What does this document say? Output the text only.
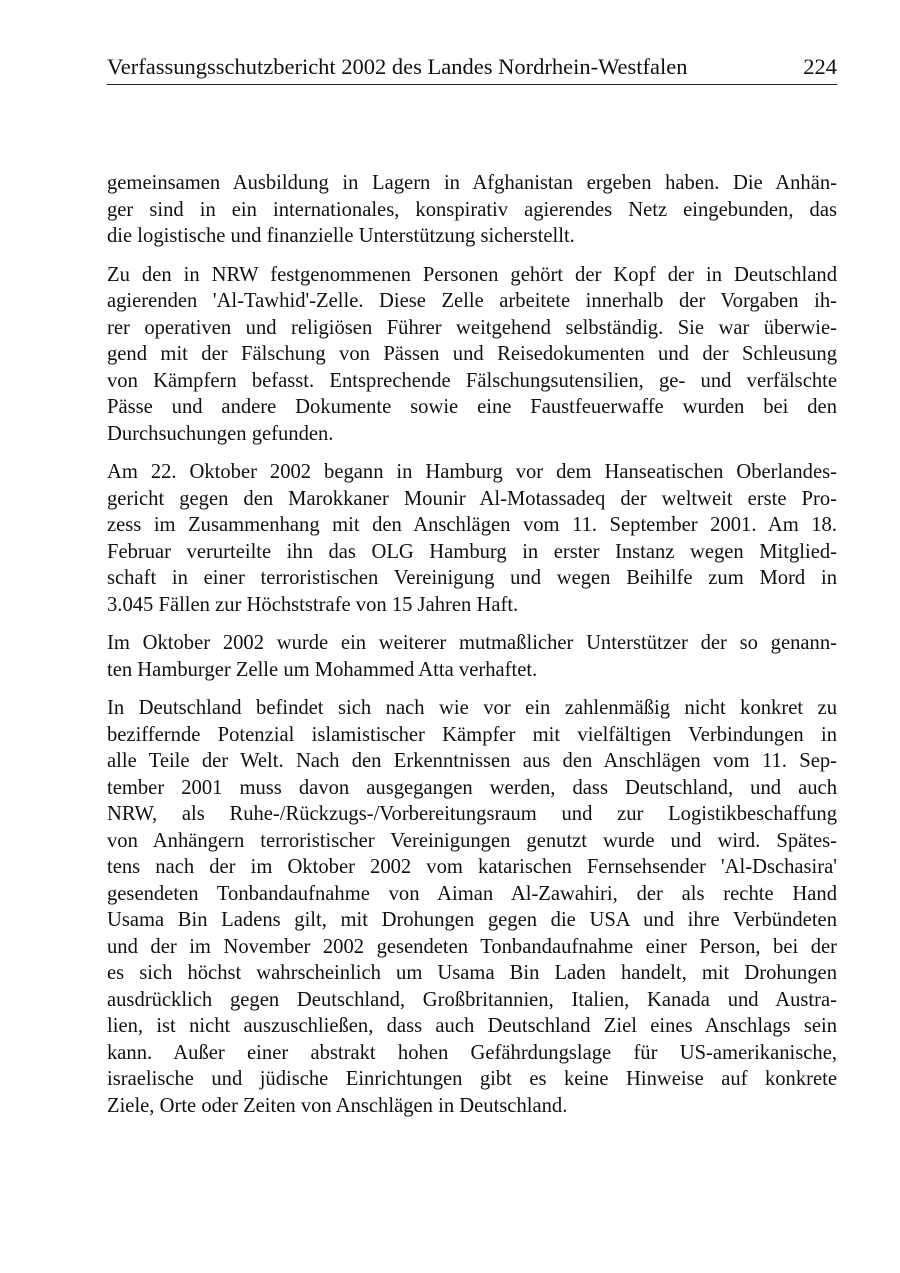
Verfassungsschutzbericht 2002 des Landes Nordrhein-Westfalen	224

gemeinsamen Ausbildung in Lagern in Afghanistan ergeben haben. Die Anhän-
ger sind in ein internationales, konspirativ agierendes Netz eingebunden, das
die logistische und finanzielle Unterstützung sicherstellt.

Zu den in NRW festgenommenen Personen gehört der Kopf der in Deutschland
agierenden 'Al-Tawhid'-Zelle. Diese Zelle arbeitete innerhalb der Vorgaben ih-
rer operativen und religiösen Führer weitgehend selbständig. Sie war überwie-
gend mit der Fälschung von Pässen und Reisedokumenten und der Schleusung
von Kämpfern befasst. Entsprechende Fälschungsutensilien, ge- und verfälschte
Pässe und andere Dokumente sowie eine Faustfeuerwaffe wurden bei den
Durchsuchungen gefunden.

Am 22. Oktober 2002 begann in Hamburg vor dem Hanseatischen Oberlandes-
gericht gegen den Marokkaner Mounir Al-Motassadeq der weltweit erste Pro-
zess im Zusammenhang mit den Anschlägen vom 11. September 2001. Am 18.
Februar verurteilte ihn das OLG Hamburg in erster Instanz wegen Mitglied-
schaft in einer terroristischen Vereinigung und wegen Beihilfe zum Mord in
3.045 Fällen zur Höchststrafe von 15 Jahren Haft.

Im Oktober 2002 wurde ein weiterer mutmaßlicher Unterstützer der so genann-
ten Hamburger Zelle um Mohammed Atta verhaftet.

In Deutschland befindet sich nach wie vor ein zahlenmäßig nicht konkret zu
beziffernde Potenzial islamistischer Kämpfer mit vielfältigen Verbindungen in
alle Teile der Welt. Nach den Erkenntnissen aus den Anschlägen vom 11. Sep-
tember 2001 muss davon ausgegangen werden, dass Deutschland, und auch
NRW, als Ruhe-/Rückzugs-/Vorbereitungsraum und zur Logistikbeschaffung
von Anhängern terroristischer Vereinigungen genutzt wurde und wird. Spätes-
tens nach der im Oktober 2002 vom katarischen Fernsehsender 'Al-Dschasira'
gesendeten Tonbandaufnahme von Aiman Al-Zawahiri, der als rechte Hand
Usama Bin Ladens gilt, mit Drohungen gegen die USA und ihre Verbündeten
und der im November 2002 gesendeten Tonbandaufnahme einer Person, bei der
es sich höchst wahrscheinlich um Usama Bin Laden handelt, mit Drohungen
ausdrücklich gegen Deutschland, Großbritannien, Italien, Kanada und Austra-
lien, ist nicht auszuschließen, dass auch Deutschland Ziel eines Anschlags sein
kann. Außer einer abstrakt hohen Gefährdungslage für US-amerikanische,
israelische und jüdische Einrichtungen gibt es keine Hinweise auf konkrete
Ziele, Orte oder Zeiten von Anschlägen in Deutschland.
